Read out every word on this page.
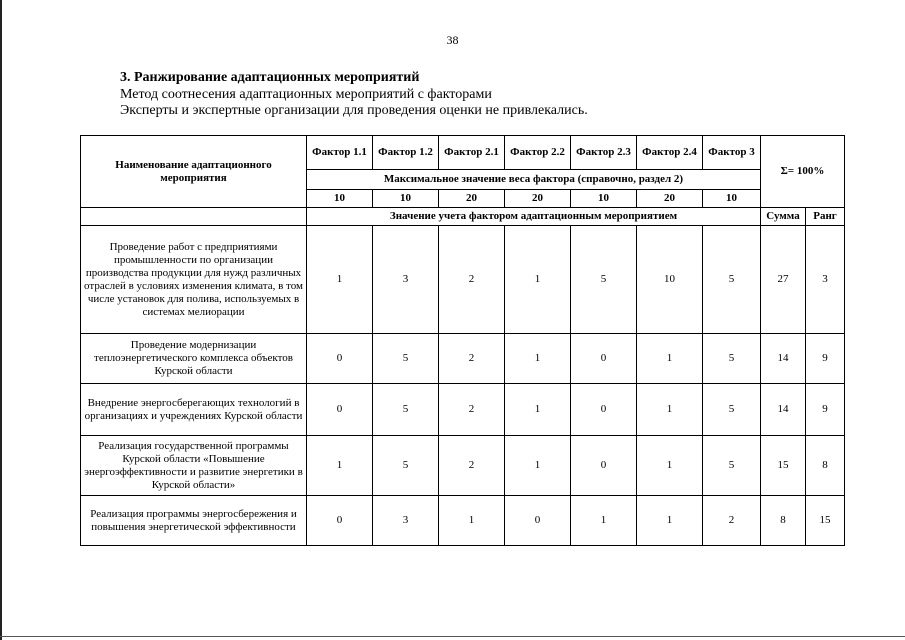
38
3. Ранжирование адаптационных мероприятий
Метод соотнесения адаптационных мероприятий с факторами
Эксперты и экспертные организации для проведения оценки не привлекались.
Наименование адаптационного мероприятия	Фактор 1.1	Фактор 1.2	Фактор 2.1	Фактор 2.2	Фактор 2.3	Фактор 2.4	Фактор 3	Σ= 100%	
	Максимальное значение веса фактора (справочно, раздел 2)								
	10	10	20	20	10	20	10		
	Значение учета фактором адаптационным мероприятием							Сумма	Ранг
Проведение работ с предприятиями промышленности по организации производства продукции для нужд различных отраслей в условиях изменения климата, в том числе установок для полива, используемых в системах мелиорации	1	3	2	1	5	10	5	27	3
Проведение модернизации теплоэнергетического комплекса объектов Курской области	0	5	2	1	0	1	5	14	9
Внедрение энергосберегающих технологий в организациях и учреждениях Курской области	0	5	2	1	0	1	5	14	9
Реализация государственной программы Курской области «Повышение энергоэффективности и развитие энергетики в Курской области»	1	5	2	1	0	1	5	15	8
Реализация программы энергосбережения и повышения энергетической эффективности	0	3	1	0	1	1	2	8	15
